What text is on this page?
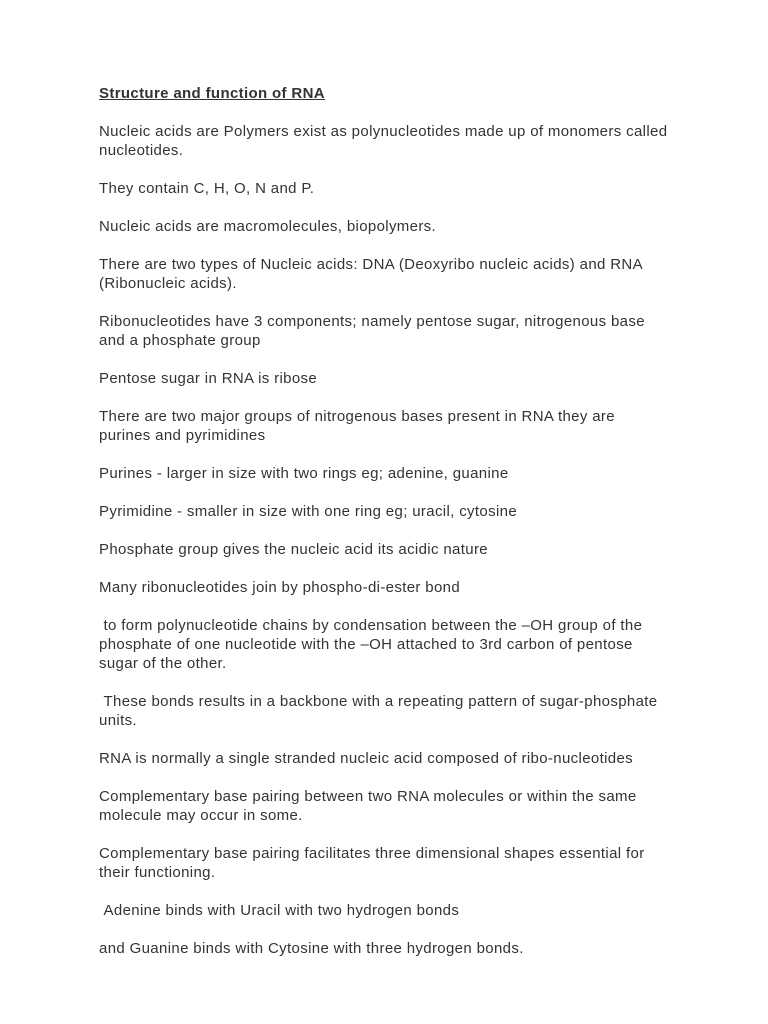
Structure and function of RNA

Nucleic acids are Polymers exist as polynucleotides made up of monomers called nucleotides.

They contain C, H, O, N and P.

Nucleic acids are macromolecules, biopolymers.

There are two types of Nucleic acids: DNA (Deoxyribo nucleic acids) and RNA (Ribonucleic acids).

Ribonucleotides have 3 components; namely pentose sugar, nitrogenous base and a phosphate group

Pentose sugar in RNA is ribose

There are two major groups of nitrogenous bases present in RNA they are purines and pyrimidines

Purines - larger in size with two rings eg; adenine, guanine

Pyrimidine - smaller in size with one ring eg; uracil, cytosine

Phosphate group gives the nucleic acid its acidic nature

Many ribonucleotides join by phospho-di-ester bond

to form polynucleotide chains by condensation between the –OH group of the phosphate of one nucleotide with the –OH attached to 3rd carbon of pentose sugar of the other.

These bonds results in a backbone with a repeating pattern of sugar-phosphate units.

RNA is normally a single stranded nucleic acid composed of ribo-nucleotides

Complementary base pairing between two RNA molecules or within the same molecule may occur in some.

Complementary base pairing facilitates three dimensional shapes essential for their functioning.

Adenine binds with Uracil with two hydrogen bonds

and Guanine binds with Cytosine with three hydrogen bonds.
